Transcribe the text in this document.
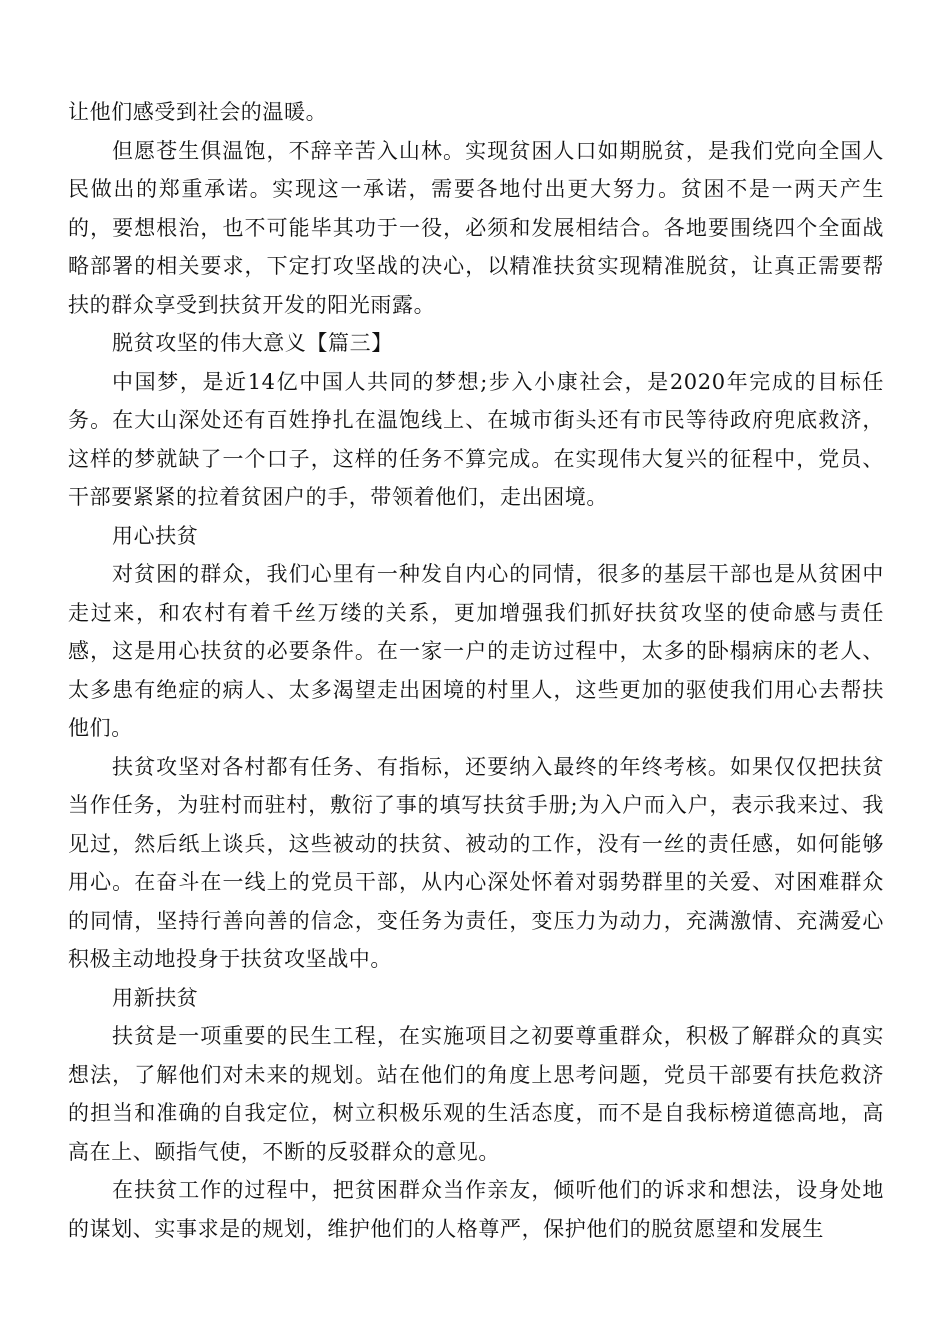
让他们感受到社会的温暖。

但愿苍生俱温饱，不辞辛苦入山林。实现贫困人口如期脱贫，是我们党向全国人民做出的郑重承诺。实现这一承诺，需要各地付出更大努力。贫困不是一两天产生的，要想根治，也不可能毕其功于一役，必须和发展相结合。各地要围绕四个全面战略部署的相关要求，下定打攻坚战的决心，以精准扶贫实现精准脱贫，让真正需要帮扶的群众享受到扶贫开发的阳光雨露。

脱贫攻坚的伟大意义【篇三】

中国梦，是近14亿中国人共同的梦想;步入小康社会，是2020年完成的目标任务。在大山深处还有百姓挣扎在温饱线上、在城市街头还有市民等待政府兜底救济，这样的梦就缺了一个口子，这样的任务不算完成。在实现伟大复兴的征程中，党员、干部要紧紧的拉着贫困户的手，带领着他们，走出困境。

用心扶贫

对贫困的群众，我们心里有一种发自内心的同情，很多的基层干部也是从贫困中走过来，和农村有着千丝万缕的关系，更加增强我们抓好扶贫攻坚的使命感与责任感，这是用心扶贫的必要条件。在一家一户的走访过程中，太多的卧榻病床的老人、太多患有绝症的病人、太多渴望走出困境的村里人，这些更加的驱使我们用心去帮扶他们。

扶贫攻坚对各村都有任务、有指标，还要纳入最终的年终考核。如果仅仅把扶贫当作任务，为驻村而驻村，敷衍了事的填写扶贫手册;为入户而入户，表示我来过、我见过，然后纸上谈兵，这些被动的扶贫、被动的工作，没有一丝的责任感，如何能够用心。在奋斗在一线上的党员干部，从内心深处怀着对弱势群里的关爱、对困难群众的同情，坚持行善向善的信念，变任务为责任，变压力为动力，充满激情、充满爱心积极主动地投身于扶贫攻坚战中。

用新扶贫

扶贫是一项重要的民生工程，在实施项目之初要尊重群众，积极了解群众的真实想法，了解他们对未来的规划。站在他们的角度上思考问题，党员干部要有扶危救济的担当和准确的自我定位，树立积极乐观的生活态度，而不是自我标榜道德高地，高高在上、颐指气使，不断的反驳群众的意见。

在扶贫工作的过程中，把贫困群众当作亲友，倾听他们的诉求和想法，设身处地的谋划、实事求是的规划，维护他们的人格尊严，保护他们的脱贫愿望和发展生
